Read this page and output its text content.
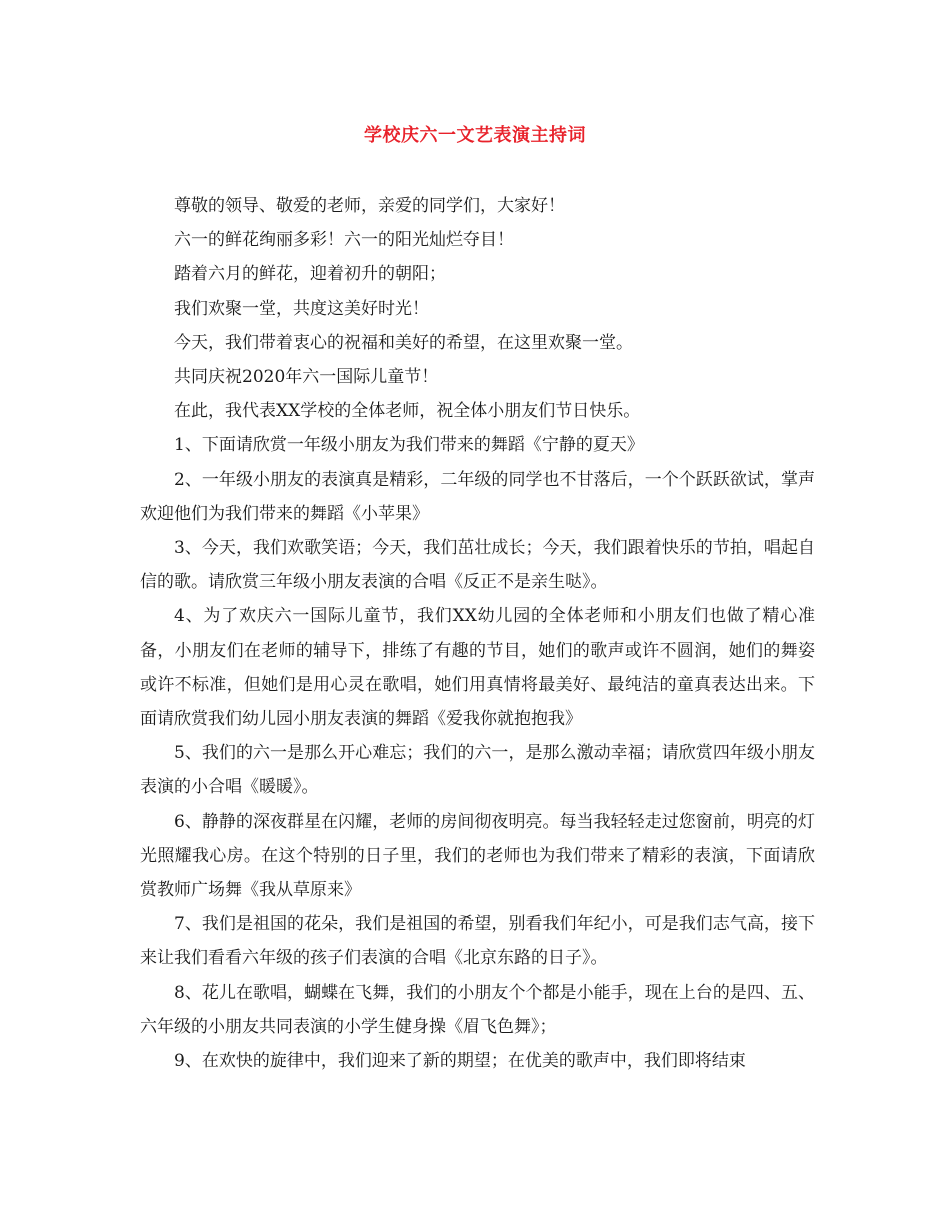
学校庆六一文艺表演主持词

尊敬的领导、敬爱的老师，亲爱的同学们，大家好！

六一的鲜花绚丽多彩！六一的阳光灿烂夺目！

踏着六月的鲜花，迎着初升的朝阳；

我们欢聚一堂，共度这美好时光！

今天，我们带着衷心的祝福和美好的希望，在这里欢聚一堂。

共同庆祝2020年六一国际儿童节！

在此，我代表XX学校的全体老师，祝全体小朋友们节日快乐。

1、下面请欣赏一年级小朋友为我们带来的舞蹈《宁静的夏天》

2、一年级小朋友的表演真是精彩，二年级的同学也不甘落后，一个个跃跃欲试，掌声欢迎他们为我们带来的舞蹈《小苹果》

3、今天，我们欢歌笑语；今天，我们茁壮成长；今天，我们跟着快乐的节拍，唱起自信的歌。请欣赏三年级小朋友表演的合唱《反正不是亲生哒》。

4、为了欢庆六一国际儿童节，我们XX幼儿园的全体老师和小朋友们也做了精心准备，小朋友们在老师的辅导下，排练了有趣的节目，她们的歌声或许不圆润，她们的舞姿或许不标准，但她们是用心灵在歌唱，她们用真情将最美好、最纯洁的童真表达出来。下面请欣赏我们幼儿园小朋友表演的舞蹈《爱我你就抱抱我》

5、我们的六一是那么开心难忘；我们的六一，是那么激动幸福；请欣赏四年级小朋友表演的小合唱《暖暖》。

6、静静的深夜群星在闪耀，老师的房间彻夜明亮。每当我轻轻走过您窗前，明亮的灯光照耀我心房。在这个特别的日子里，我们的老师也为我们带来了精彩的表演，下面请欣赏教师广场舞《我从草原来》

7、我们是祖国的花朵，我们是祖国的希望，别看我们年纪小，可是我们志气高，接下来让我们看看六年级的孩子们表演的合唱《北京东路的日子》。

8、花儿在歌唱，蝴蝶在飞舞，我们的小朋友个个都是小能手，现在上台的是四、五、六年级的小朋友共同表演的小学生健身操《眉飞色舞》；

9、在欢快的旋律中，我们迎来了新的期望；在优美的歌声中，我们即将结束
